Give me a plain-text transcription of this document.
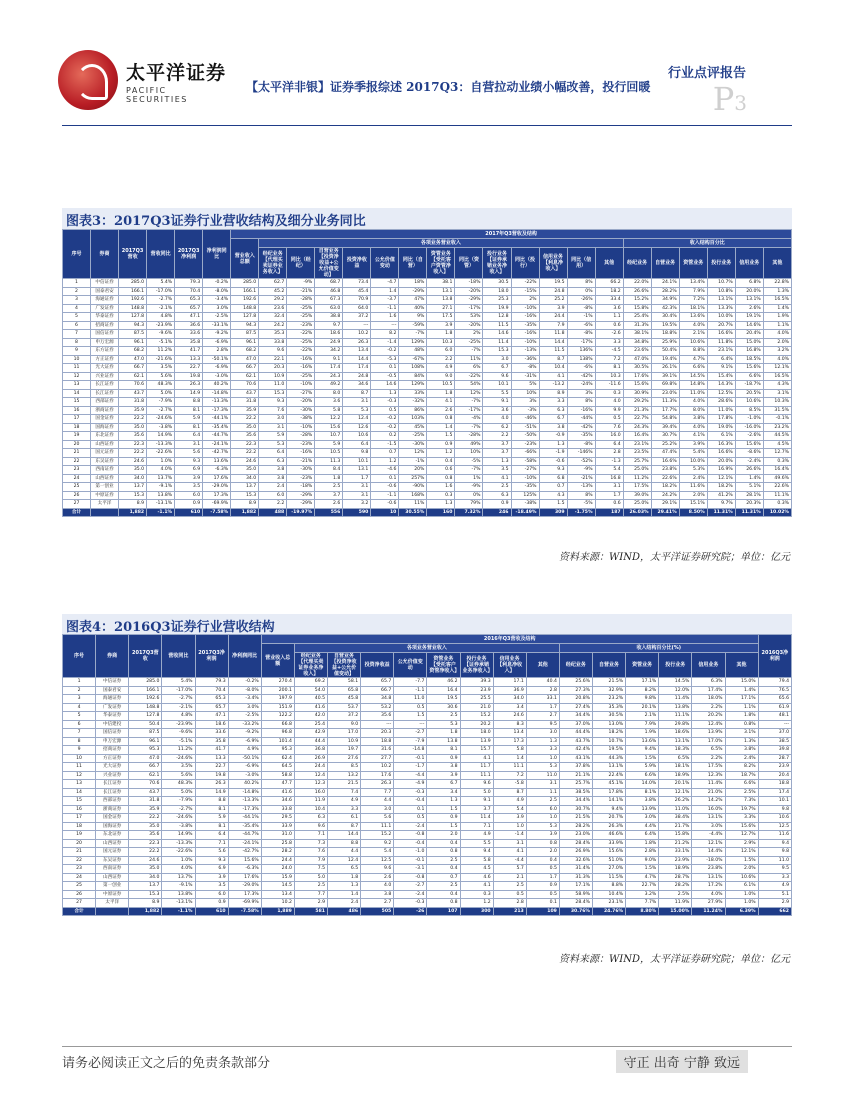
太平洋证券
PACIFIC SECURITIES
行业点评报告
【太平洋非银】证券季报综述 2017Q3：自营拉动业绩小幅改善，投行回暖	P3
图表3：2017Q3证券行业营收结构及细分业务同比
序号	券商	2017Q3营收	营收同比	2017Q3净利润	净利润同比	2017年Q3营收及结构																			
						营业收入总额	各项业务营业收入													收入结构百分比					
							经纪业务【代理买卖证券业务收入】	同比（经纪）	自营业务【投资净收益+公允价值变动】	投资净收益	公允价值变动	同比（自营）	资管业务【受托客户资管净收入】	同比（资管）	投行业务【证券承销业务净收入】	同比（投行）	信用业务【利息净收入】	同比（信用）	其他	经纪业务	自营业务	资管业务	投行业务	信用业务	其他
1	中信证券	285.0	5.4%	79.3	-0.2%	285.0	62.7	-9%	68.7	73.4	-4.7	18%	38.1	-18%	30.5	-22%	19.5	8%	66.2	22.0%	24.1%	13.4%	10.7%	6.8%	22.8%
2	国泰君安	166.1	-17.0%	70.4	-8.0%	166.1	45.2	-21%	46.8	45.4	1.4	-29%	13.1	-20%	18.0	-15%	24.8	0%	18.2	26.6%	28.2%	7.9%	10.8%	20.0%	1.3%
3	海通证券	192.6	-2.7%	65.3	-3.4%	192.6	29.2	-28%	67.3	70.9	-3.7	47%	13.8	-29%	25.3	2%	25.2	-26%	33.4	15.2%	34.9%	7.2%	13.1%	13.1%	16.5%
4	广发证券	148.8	-2.1%	65.7	3.0%	148.8	23.6	-25%	63.0	64.0	-1.1	40%	27.1	-17%	19.9	-10%	3.9	-8%	3.6	15.8%	42.3%	18.1%	13.3%	2.6%	1.4%
5	华泰证券	127.8	4.8%	47.1	-2.5%	127.8	32.4	-25%	38.8	37.2	1.6	9%	17.5	53%	12.8	-16%	24.4	-1%	1.1	25.4%	30.4%	13.6%	10.0%	19.1%	1.9%
6	招商证券	94.3	-23.9%	36.6	-33.1%	94.3	24.2	-23%	9.7	---	---	-59%	3.9	-20%	11.5	-35%	7.9	-6%	0.6	31.3%	19.5%	4.0%	20.7%	14.6%	1.1%
7	国信证券	87.5	-9.6%	33.6	-9.2%	87.5	35.3	-22%	18.6	10.2	8.2	-7%	1.8	2%	14.6	-16%	11.8	-8%	-2.6	38.1%	18.8%	2.1%	16.6%	20.4%	4.0%
8	申万宏源	96.1	-5.1%	35.8	-6.9%	96.1	33.8	-25%	24.9	26.3	-1.4	129%	10.3	-25%	11.4	-10%	14.4	-17%	3.3	34.8%	25.9%	10.6%	11.8%	15.0%	2.0%
9	东方证券	68.2	11.2%	41.7	2.8%	68.2	9.6	-22%	34.2	13.4	-0.2	48%	6.0	-7%	15.3	-13%	11.5	136%	-4.5	23.6%	50.4%	8.8%	23.1%	16.8%	3.2%
10	方正证券	47.0	-21.6%	13.3	-50.1%	47.0	22.1	-16%	9.1	14.4	-5.3	-67%	2.2	11%	3.0	-36%	8.7	138%	7.2	47.0%	19.4%	4.7%	6.4%	18.5%	4.0%
11	光大证券	66.7	3.5%	22.7	-6.9%	66.7	20.3	-16%	17.4	17.4	0.1	108%	4.9	6%	6.7	-8%	10.4	-6%	8.1	30.5%	26.1%	6.6%	9.1%	15.6%	12.1%
12	兴业证券	62.1	5.6%	19.8	-3.0%	62.1	10.9	-25%	24.3	24.8	-0.5	84%	9.0	-22%	9.6	-31%	4.1	-42%	10.3	17.6%	39.1%	14.5%	15.4%	6.6%	16.5%
13	长江证券	70.6	48.3%	26.3	40.2%	70.6	11.0	-10%	49.2	34.6	14.6	129%	10.5	54%	10.1	5%	-13.2	-24%	-11.6	15.6%	69.8%	14.8%	14.3%	-18.7%	4.3%
14	长江证券	43.7	5.0%	14.9	-14.8%	43.7	15.3	-27%	8.0	8.7	1.3	33%	1.8	12%	5.5	10%	8.9	3%	0.3	30.9%	23.0%	11.0%	12.5%	20.5%	3.1%
15	西部证券	31.8	-7.9%	8.8	-13.3%	31.8	9.3	-20%	3.6	3.1	-0.3	-32%	4.1	-7%	9.1	3%	3.3	8%	4.0	29.2%	11.3%	4.0%	28.6%	10.6%	10.3%
16	浙商证券	35.9	-2.7%	8.1	-17.3%	35.9	7.6	-30%	5.8	5.3	0.5	86%	2.6	-17%	3.6	-3%	6.3	-16%	9.9	21.3%	17.7%	8.0%	11.0%	8.5%	31.5%
17	国金证券	22.2	-24.6%	5.9	-44.1%	22.2	3.0	-38%	12.2	12.4	-0.2	103%	0.8	-4%	4.0	-46%	6.7	-44%	0.5	22.7%	54.8%	3.8%	17.8%	-1.0%	-0.1%
18	国海证券	35.0	-3.8%	8.1	-35.4%	35.0	3.1	-10%	15.6	12.6	-0.2	45%	1.4	-7%	6.2	-51%	3.8	-42%	7.6	24.3%	39.4%	4.0%	19.0%	-16.0%	23.2%
19	东北证券	35.6	14.9%	6.4	-44.7%	35.6	5.9	-28%	10.7	10.6	0.2	-25%	1.5	-28%	2.2	-50%	-0.9	-35%	16.0	16.4%	30.7%	4.1%	6.1%	-2.6%	44.5%
20	山西证券	22.3	-13.3%	3.1	-24.1%	22.3	5.3	-23%	5.9	6.4	-1.5	-30%	0.9	49%	3.7	-23%	1.3	-8%	6.4	23.1%	25.2%	3.9%	16.3%	15.6%	4.5%
21	国元证券	22.2	-22.6%	5.6	-42.7%	22.2	6.4	-16%	10.5	9.8	0.7	12%	1.2	10%	3.7	-66%	-1.9	-146%	2.8	23.5%	47.4%	5.4%	16.6%	-8.6%	12.7%
22	东吴证券	24.6	1.0%	9.3	13.6%	24.6	6.3	-21%	11.3	10.1	1.2	-1%	0.4	-5%	1.3	-58%	-0.6	-52%	-1.3	25.7%	16.6%	10.0%	20.0%	-2.4%	0.3%
23	西南证券	35.0	4.0%	6.9	-6.3%	35.0	3.8	-30%	8.4	13.1	-4.6	20%	0.6	-7%	3.5	-27%	9.3	-9%	5.4	25.0%	23.8%	5.3%	16.9%	26.6%	16.4%
24	山西证券	34.0	13.7%	3.9	17.6%	34.0	3.8	-23%	1.8	1.7	0.1	257%	0.8	1%	4.1	-10%	6.8	-21%	16.8	11.2%	22.6%	2.4%	12.1%	1.4%	49.6%
25	第一创业	13.7	-9.1%	3.5	-29.0%	13.7	2.4	-18%	2.5	3.1	-0.6	-90%	1.6	-9%	2.5	-35%	0.7	-13%	3.1	17.5%	18.2%	11.6%	18.2%	5.1%	22.6%
26	中原证券	15.3	13.8%	6.0	17.3%	15.3	6.0	-29%	3.7	3.1	-1.1	168%	0.3	0%	6.3	125%	4.3	8%	1.7	39.0%	24.2%	2.0%	41.2%	28.1%	11.1%
27	太平洋	8.9	-13.1%	0.9	-69.9%	8.9	2.2	-29%	2.6	3.2	-0.6	11%	1.3	79%	0.9	-38%	1.5	-5%	0.6	25.0%	29.1%	15.1%	9.7%	20.3%	0.3%
合计		1,882	-1.1%	610	-7.58%	1,882	488	-19.97%	556	590	10	30.55%	160	7.32%	246	-18.49%	309	-1.75%	187	26.03%	29.41%	8.50%	11.31%	11.31%	10.02%
资料来源：WIND，太平洋证券研究院；单位：亿元
图表4：2016Q3证券行业营收结构
序号	券商	2017Q3营收	营收同比	2017Q3净利润	净利润同比	2016年Q3营收及结构															2016Q3净利润
						营业收入总额	各项业务营业收入								收入结构百分比(%)						
							经纪业务【代理买卖证券业务净收入】	自营业务【投资净收益+公允价值变动】	投资净收益	公允价值变动	资管业务【受托客户资管净收入】	投行业务【证券承销业务净收入】	信用业务【利息净收入】	其他	经纪业务	自营业务	资管业务	投行业务	信用业务	其他	
1	中信证券	285.0	5.4%	79.3	-0.2%	270.4	69.2	58.1	65.7	-7.7	46.2	39.3	17.1	40.4	25.6%	21.5%	17.1%	14.5%	6.3%	15.0%	79.4
2	国泰君安	166.1	-17.0%	70.4	-8.0%	200.1	54.0	65.8	66.7	-1.1	16.4	23.9	36.9	2.8	27.3%	32.9%	8.2%	12.0%	17.4%	1.4%	76.5
3	海通证券	192.6	-2.7%	65.3	-3.4%	197.9	40.5	45.8	34.8	11.0	19.5	25.5	34.0	33.1	20.8%	23.2%	9.8%	11.4%	18.0%	17.1%	65.6
4	广发证券	148.8	-2.1%	65.7	3.0%	151.9	41.6	53.7	53.2	0.5	30.6	21.0	3.4	1.7	27.4%	35.3%	20.1%	13.8%	2.2%	1.1%	61.9
5	华泰证券	127.8	4.8%	47.1	-2.5%	122.2	42.0	37.2	35.6	1.5	2.5	15.2	24.6	2.7	34.4%	30.5%	2.1%	11.1%	20.2%	1.8%	48.1
6	中信建投	50.4	-23.9%	18.6	-33.2%	66.8	25.4	9.0	---	---	5.3	20.2	8.3	9.5	37.0%	13.0%	7.9%	29.8%	12.4%	0.8%	---
7	国信证券	87.5	-9.6%	33.6	-9.2%	96.8	42.9	17.0	20.3	-2.7	1.8	18.0	13.4	3.0	44.4%	18.2%	1.9%	18.6%	13.9%	3.1%	37.0
8	申万宏源	96.1	-5.1%	35.8	-6.9%	101.4	44.4	10.9	18.8	-7.9	13.8	13.9	17.3	1.3	43.7%	10.7%	13.6%	13.1%	17.0%	1.3%	38.5
9	招商证券	95.3	11.2%	41.7	4.9%	95.3	36.8	19.7	31.6	-14.8	8.1	15.7	5.8	3.3	42.4%	19.5%	9.4%	18.3%	6.5%	3.8%	39.8
10	方正证券	47.0	-24.6%	13.3	-50.1%	62.4	26.9	27.6	27.7	-0.1	0.9	4.1	1.4	1.0	43.1%	44.3%	1.5%	6.5%	2.2%	2.4%	28.7
11	光大证券	66.7	3.5%	22.7	-6.9%	64.5	24.4	8.5	10.2	-1.7	3.8	11.7	11.1	5.3	37.8%	13.1%	5.9%	18.1%	17.5%	8.2%	23.9
12	兴业证券	62.1	5.6%	19.8	-3.0%	58.8	12.4	13.2	17.6	-4.4	3.9	11.1	7.2	11.0	21.1%	22.4%	6.6%	18.9%	12.3%	18.7%	20.4
13	长江证券	70.6	48.3%	26.3	40.2%	47.7	12.3	21.5	26.3	-4.9	6.7	9.6	-5.8	3.1	25.7%	45.1%	14.0%	20.1%	11.4%	6.6%	18.8
14	长江证券	43.7	5.0%	14.9	-14.8%	41.6	16.0	7.4	7.7	-0.3	3.4	5.0	8.7	1.1	38.5%	17.8%	8.1%	12.1%	21.0%	2.5%	17.4
15	西部证券	31.8	-7.9%	8.8	-13.3%	34.6	11.9	4.9	4.4	-0.4	1.3	9.1	4.9	2.5	34.4%	14.1%	3.8%	26.2%	14.2%	7.3%	10.1
16	浙商证券	35.9	-2.7%	8.1	-17.3%	33.8	10.4	3.3	3.0	0.1	1.5	3.7	5.4	6.0	30.7%	9.4%	13.9%	11.0%	16.0%	19.7%	9.8
17	国金证券	22.2	-24.6%	5.9	-44.1%	29.5	6.3	6.1	5.6	0.5	0.9	11.4	3.9	1.0	21.5%	20.7%	3.0%	38.4%	13.1%	3.3%	10.6
18	国海证券	35.0	-3.8%	8.1	-35.4%	33.9	9.6	8.7	11.1	-2.4	1.5	7.1	1.0	5.3	28.2%	26.3%	4.4%	21.7%	3.0%	15.6%	12.5
19	东北证券	35.6	14.9%	6.4	-44.7%	31.0	7.1	14.4	15.2	-0.8	2.0	4.9	-1.4	3.9	23.0%	46.6%	6.4%	15.8%	-4.4%	12.7%	11.6
20	山西证券	22.3	-13.3%	7.1	-24.1%	25.8	7.3	8.8	9.2	-0.4	0.4	5.5	3.1	0.8	28.4%	33.9%	1.8%	21.2%	12.1%	2.9%	9.4
21	国元证券	22.2	-22.6%	5.6	-42.7%	28.2	7.6	4.4	5.4	-1.0	0.8	9.4	4.1	2.0	26.9%	15.6%	2.8%	33.1%	14.4%	12.1%	9.8
22	东吴证券	24.6	1.0%	9.3	15.6%	24.4	7.9	12.4	12.5	-0.1	2.5	5.8	-4.4	0.4	32.6%	51.0%	9.0%	23.9%	-18.0%	1.5%	11.0
23	西南证券	35.0	4.0%	6.9	-6.3%	24.0	7.5	6.5	9.6	-3.1	0.4	4.5	5.7	0.5	31.4%	27.0%	1.5%	18.9%	23.8%	2.0%	9.5
24	山西证券	34.0	13.7%	3.9	17.6%	15.9	5.0	1.8	2.6	-0.8	0.7	4.6	2.1	1.7	31.3%	11.5%	4.7%	28.7%	13.1%	10.6%	3.3
25	第一创业	13.7	-9.1%	3.5	-29.0%	14.5	2.5	1.3	4.0	-2.7	2.5	4.1	2.5	0.9	17.1%	8.8%	22.7%	28.2%	17.2%	6.1%	4.9
26	中原证券	15.3	13.8%	6.0	17.3%	13.4	7.7	1.4	3.8	-2.4	0.4	0.3	0.5	0.5	58.9%	10.4%	3.2%	2.5%	4.0%	1.0%	5.1
27	太平洋	8.9	-13.1%	0.9	-69.9%	10.2	2.9	2.4	2.7	-0.3	0.8	1.2	2.8	0.1	28.4%	23.1%	7.7%	11.9%	27.9%	1.0%	2.9
合计		1,882	-1.1%	610	-7.58%	1,889	581	486	505	-26	107	300	213	109	30.76%	24.76%	8.80%	15.00%	11.24%	6.39%	662
资料来源：WIND，太平洋证券研究院；单位：亿元
请务必阅读正文之后的免责条款部分	守正 出奇 宁静 致远
